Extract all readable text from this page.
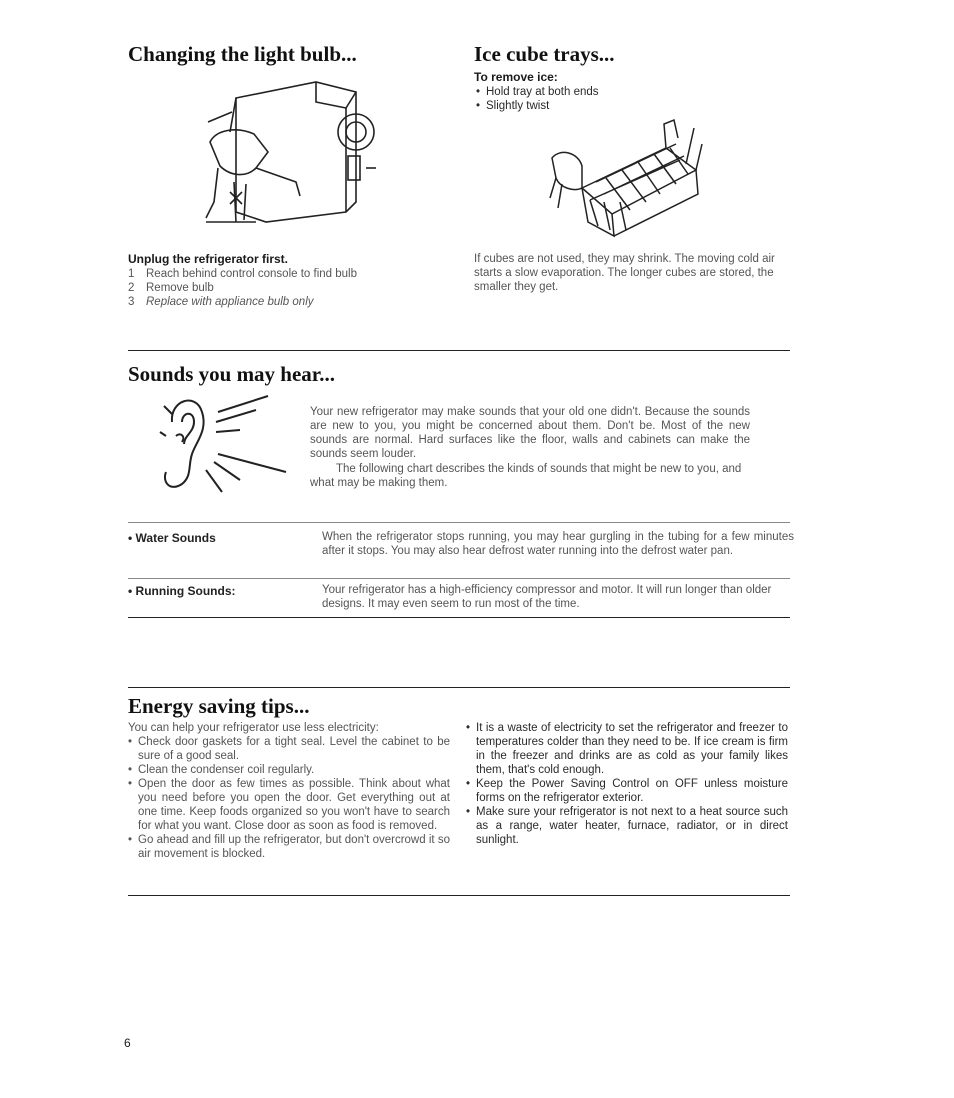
Changing the light bulb...
Unplug the refrigerator first.
1	Reach behind control console to find bulb
2	Remove bulb
3	Replace with appliance bulb only
Ice cube trays...
To remove ice:
• Hold tray at both ends
• Slightly twist

If cubes are not used, they may shrink. The moving cold air starts a slow evaporation. The longer cubes are stored, the smaller they get.

Sounds you may hear...

Your new refrigerator may make sounds that your old one didn't. Because the sounds are new to you, you might be concerned about them. Don't be. Most of the new sounds are normal. Hard surfaces like the floor, walls and cabinets can make the sounds seem louder.

The following chart describes the kinds of sounds that might be new to you, and what may be making them.

• Water Sounds	When the refrigerator stops running, you may hear gurgling in the tubing for a few minutes after it stops. You may also hear defrost water running into the defrost water pan.

• Running Sounds:	Your refrigerator has a high-efficiency compressor and motor. It will run longer than older designs. It may even seem to run most of the time.

Energy saving tips...
You can help your refrigerator use less electricity:
• Check door gaskets for a tight seal. Level the cabinet to be sure of a good seal.
• Clean the condenser coil regularly.
• Open the door as few times as possible. Think about what you need before you open the door. Get everything out at one time. Keep foods organized so you won't have to search for what you want. Close door as soon as food is removed.
• Go ahead and fill up the refrigerator, but don't overcrowd it so air movement is blocked.
• It is a waste of electricity to set the refrigerator and freezer to temperatures colder than they need to be. If ice cream is firm in the freezer and drinks are as cold as your family likes them, that's cold enough.
• Keep the Power Saving Control on OFF unless moisture forms on the refrigerator exterior.
• Make sure your refrigerator is not next to a heat source such as a range, water heater, furnace, radiator, or in direct sunlight.
6
